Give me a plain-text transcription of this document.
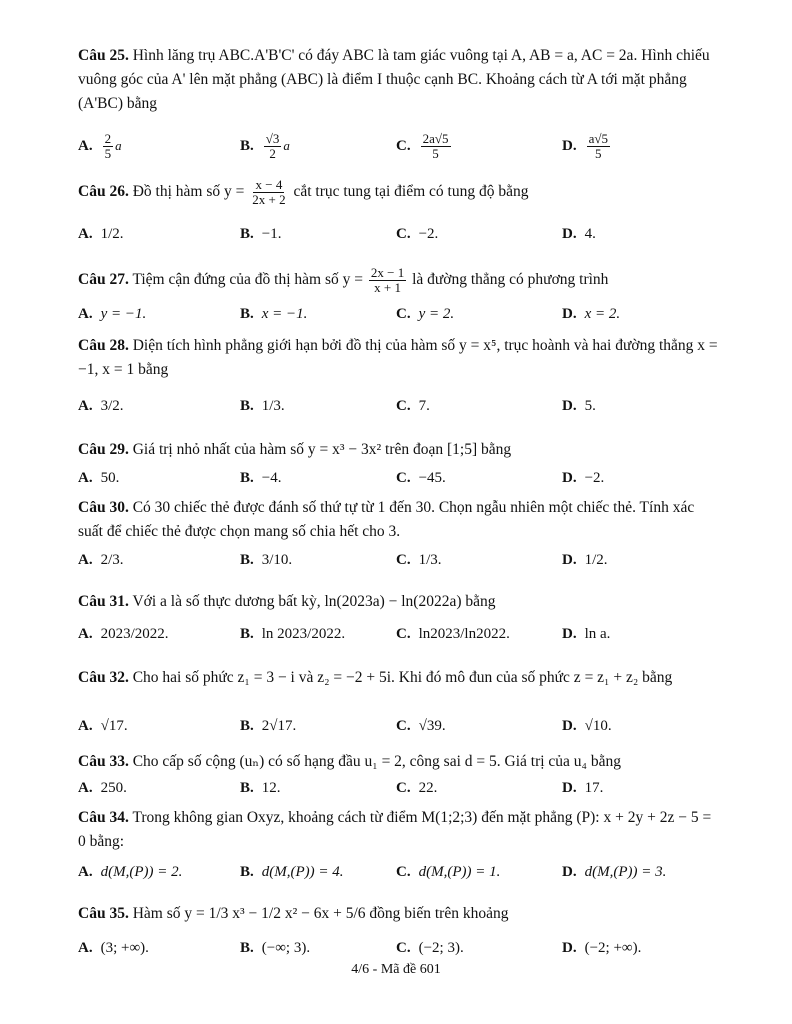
Câu 25. Hình lăng trụ ABC.A'B'C' có đáy ABC là tam giác vuông tại A, AB = a, AC = 2a. Hình chiếu vuông góc của A' lên mặt phẳng (ABC) là điểm I thuộc cạnh BC. Khoảng cách từ A tới mặt phẳng (A'BC) bằng
A. $\frac{2}{5}$ a	B. $\frac{√3}{2}$ a	C. $\frac{2a√5}{5}$	D. $\frac{a√5}{5}$
Câu 26. Đồ thị hàm số $y = \frac{x - 4}{2x + 2}$ cắt trục tung tại điểm có tung độ bằng
A. 1/2.	B. −1.	C. −2.	D. 4.
Câu 27. Tiệm cận đứng của đồ thị hàm số $y = \frac{2x - 1}{x + 1}$ là đường thẳng có phương trình
A. y = −1.	B. x = −1.	C. y = 2.	D. x = 2.
Câu 28. Diện tích hình phẳng giới hạn bởi đồ thị của hàm số y = x⁵, trục hoành và hai đường thẳng x = −1, x = 1 bằng
A. 3/2.	B. 1/3.	C. 7.	D. 5.
Câu 29. Giá trị nhỏ nhất của hàm số y = x³ − 3x² trên đoạn [1;5] bằng
A. 50.	B. −4.	C. −45.	D. −2.
Câu 30. Có 30 chiếc thẻ được đánh số thứ tự từ 1 đến 30. Chọn ngẫu nhiên một chiếc thẻ. Tính xác suất để chiếc thẻ được chọn mang số chia hết cho 3.
A. 2/3.	B. 3/10.	C. 1/3.	D. 1/2.
Câu 31. Với a là số thực dương bất kỳ, ln(2023a) − ln(2022a) bằng
A. 2023/2022.	B. ln 2023/2022.	C. ln2023/ln2022.	D. ln a.
Câu 32. Cho hai số phức z₁ = 3 − i và z₂ = −2 + 5i. Khi đó mô đun của số phức z = z₁ + z₂ bằng
A. √17.	B. 2√17.	C. √39.	D. √10.
Câu 33. Cho cấp số cộng (uₙ) có số hạng đầu u₁ = 2, công sai d = 5. Giá trị của u₄ bằng
A. 250.	B. 12.	C. 22.	D. 17.
Câu 34. Trong không gian Oxyz, khoảng cách từ điểm M(1;2;3) đến mặt phẳng (P): x + 2y + 2z − 5 = 0 bằng:
A. d(M,(P)) = 2.	B. d(M,(P)) = 4.	C. d(M,(P)) = 1.	D. d(M,(P)) = 3.
Câu 35. Hàm số y = 1/3 x³ − 1/2 x² − 6x + 5/6 đồng biến trên khoảng
A. (3; +∞).	B. (−∞; 3).	C. (−2; 3).	D. (−2; +∞).
4/6 - Mã đề 601
